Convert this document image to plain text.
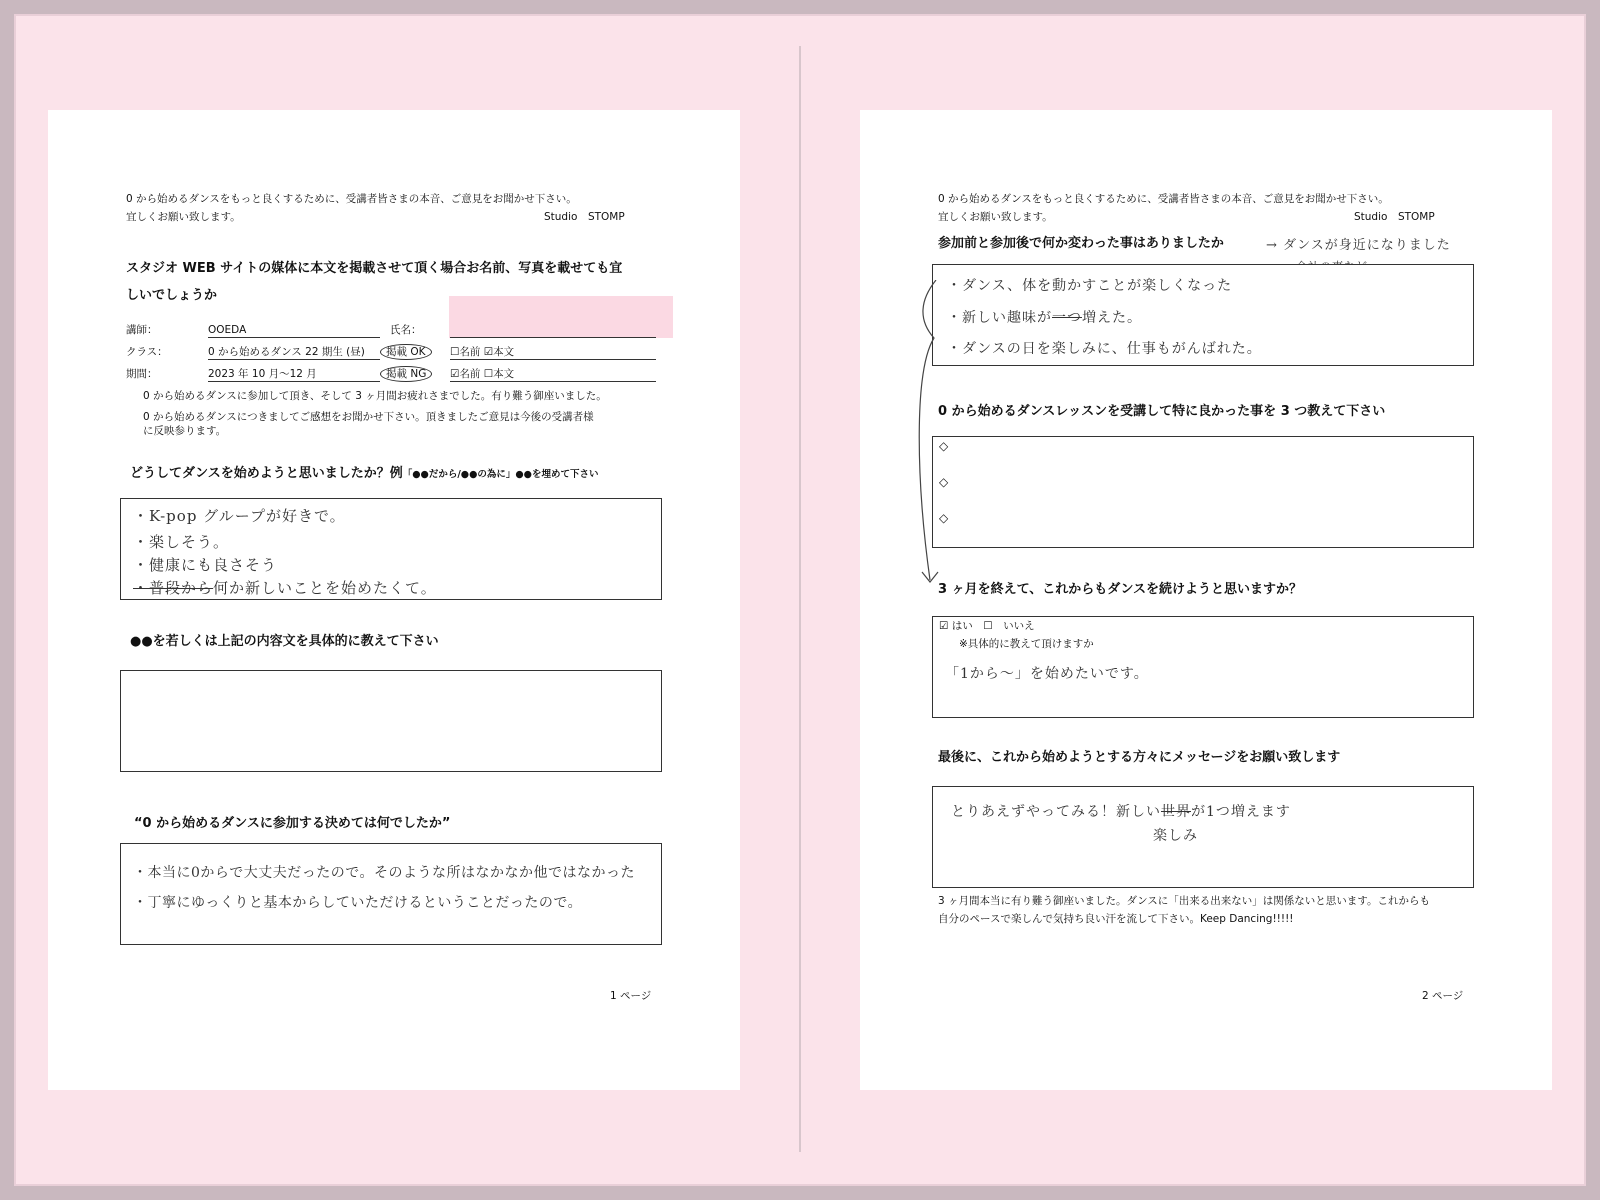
0 から始めるダンスをもっと良くするために、受講者皆さまの本音、ご意見をお聞かせ下さい。
宜しくお願い致します。	Studio　STOMP
スタジオ WEB サイトの媒体に本文を掲載させて頂く場合お名前、写真を載せても宜
しいでしょうか
講師：	OOEDA	氏名：
クラス：	0 から始めるダンス 22 期生 (昼)	掲載 OK	☐名前 ☑本文
期間：	2023 年 10 月〜12 月	掲載 NG	☑名前 ☐本文
0 から始めるダンスに参加して頂き、そして 3 ヶ月間お疲れさまでした。有り難う御座いました。
0 から始めるダンスにつきましてご感想をお聞かせ下さい。頂きましたご意見は今後の受講者様
に反映参ります。
どうしてダンスを始めようと思いましたか？例「●●だから/●●の為に」●●を埋めて下さい
・K-pop グループが好きで。
・楽しそう。
・健康にも良さそう
・普段から何か新しいことを始めたくて。
●●を若しくは上記の内容文を具体的に教えて下さい
“0 から始めるダンスに参加する決めては何でしたか”
・本当に0からで大丈夫だったので。そのような所はなかなか他ではなかった
・丁寧にゆっくりと基本からしていただけるということだったので。
1 ページ
0 から始めるダンスをもっと良くするために、受講者皆さまの本音、ご意見をお聞かせ下さい。
宜しくお願い致します。	Studio　STOMP
参加前と参加後で何か変わった事はありましたか	→ ダンスが身近になりました
・ダンス、体を動かすことが楽しくなった
・新しい趣味が一つ増えた。
・ダンスの日を楽しみに、仕事もがんばれた。
0 から始めるダンスレッスンを受講して特に良かった事を 3 つ教えて下さい
◇
◇
◇
3 ヶ月を終えて、これからもダンスを続けようと思いますか？
☑ はい　☐　いいえ
※具体的に教えて頂けますか
「1から〜」を始めたいです。
最後に、これから始めようとする方々にメッセージをお願い致します
とりあえずやってみる！新しい世界が1つ増えます
楽しみ
3 ヶ月間本当に有り難う御座いました。ダンスに「出来る出来ない」は関係ないと思います。これからも
自分のペースで楽しんで気持ち良い汗を流して下さい。Keep Dancing!!!!!
2 ページ
